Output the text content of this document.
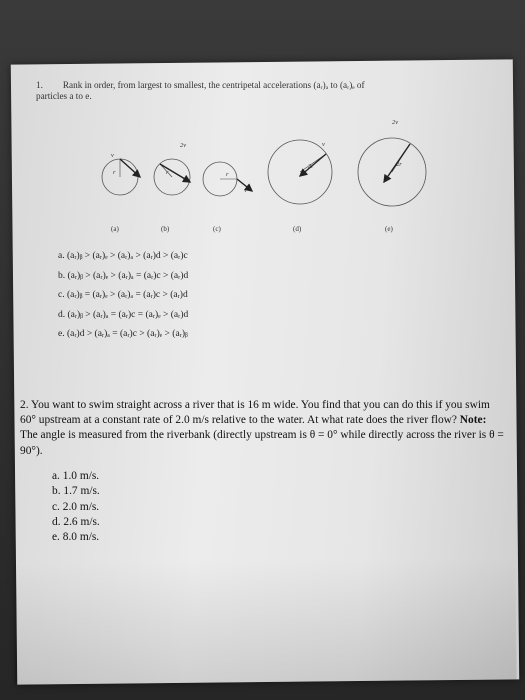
1. Rank in order, from largest to smallest, the centripetal accelerations (aᵣ)ₐ to (aᵣ)ₑ of
particles a to e.
v
r
2v
r
v
r
v
2r
2v
2r
(a)	(b)	(c)	(d)	(e)
a. (aᵣ)ᵦ > (aᵣ)ₑ > (aᵣ)ₐ > (aᵣ)d > (aᵣ)c
b. (aᵣ)ᵦ > (aᵣ)ₑ > (aᵣ)ₐ = (aᵣ)c > (aᵣ)d
c. (aᵣ)ᵦ = (aᵣ)ₑ > (aᵣ)ₐ = (aᵣ)c > (aᵣ)d
d. (aᵣ)ᵦ > (aᵣ)ₐ = (aᵣ)c = (aᵣ)ₑ > (aᵣ)d
e. (aᵣ)d > (aᵣ)ₐ = (aᵣ)c > (aᵣ)ₑ > (aᵣ)ᵦ
2. You want to swim straight across a river that is 16 m wide. You find that you can do this if you swim 60° upstream at a constant rate of 2.0 m/s relative to the water. At what rate does the river flow? Note: The angle is measured from the riverbank (directly upstream is θ = 0° while directly across the river is θ = 90°).
a. 1.0 m/s.
b. 1.7 m/s.
c. 2.0 m/s.
d. 2.6 m/s.
e. 8.0 m/s.
